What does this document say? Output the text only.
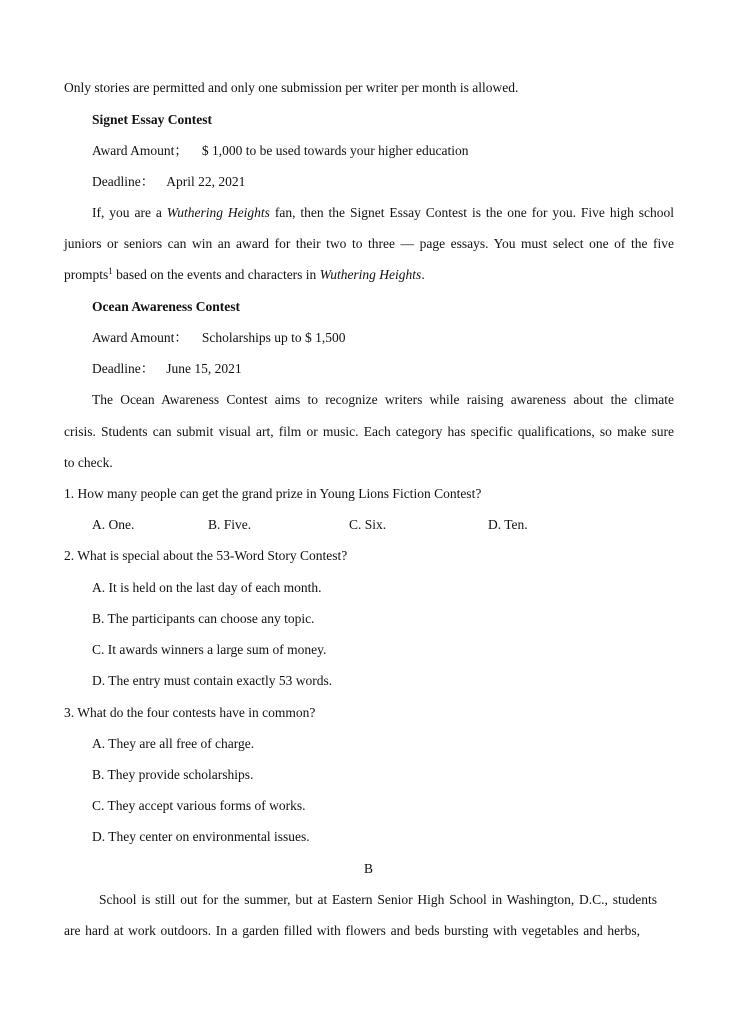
Only stories are permitted and only one submission per writer per month is allowed.
Signet Essay Contest
Award Amount； $ 1,000 to be used towards your higher education
Deadline： April 22, 2021
If, you are a Wuthering Heights fan, then the Signet Essay Contest is the one for you. Five high school
juniors or seniors can win an award for their two to three — page essays. You must select one of the five
prompts$^1$ based on the events and characters in Wuthering Heights.
Ocean Awareness Contest
Award Amount： Scholarships up to $ 1,500
Deadline： June 15, 2021
The Ocean Awareness Contest aims to recognize writers while raising awareness about the climate
crisis. Students can submit visual art, film or music. Each category has specific qualifications, so make sure
to check.
1. How many people can get the grand prize in Young Lions Fiction Contest?
A. One.	B. Five.	C. Six.	D. Ten.
2. What is special about the 53-Word Story Contest?
A. It is held on the last day of each month.
B. The participants can choose any topic.
C. It awards winners a large sum of money.
D. The entry must contain exactly 53 words.
3. What do the four contests have in common?
A. They are all free of charge.
B. They provide scholarships.
C. They accept various forms of works.
D. They center on environmental issues.
B
School is still out for the summer, but at Eastern Senior High School in Washington, D.C., students
are hard at work outdoors. In a garden filled with flowers and beds bursting with vegetables and herbs,
